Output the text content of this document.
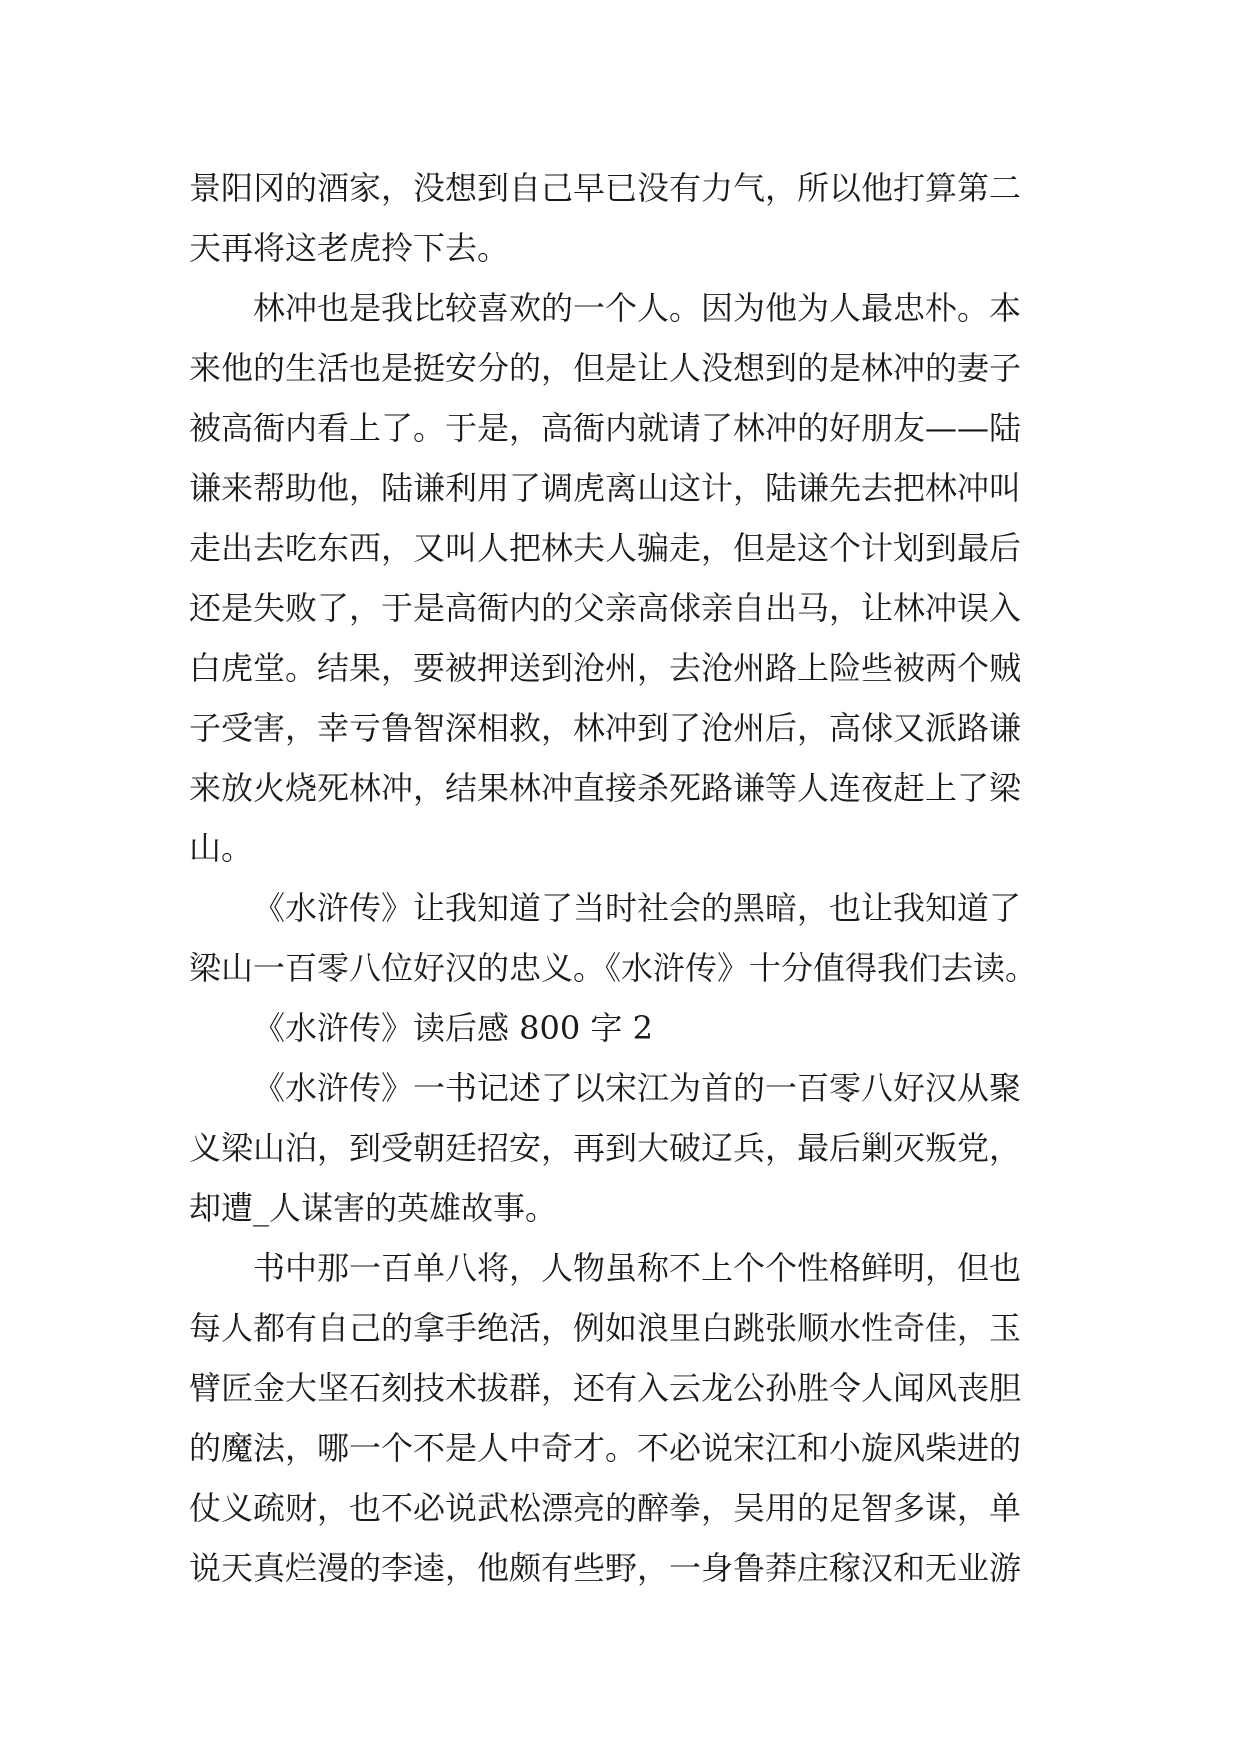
景阳冈的酒家，没想到自己早已没有力气，所以他打算第二
天再将这老虎拎下去。
林冲也是我比较喜欢的一个人。因为他为人最忠朴。本
来他的生活也是挺安分的，但是让人没想到的是林冲的妻子
被高衙内看上了。于是，高衙内就请了林冲的好朋友——陆
谦来帮助他，陆谦利用了调虎离山这计，陆谦先去把林冲叫
走出去吃东西，又叫人把林夫人骗走，但是这个计划到最后
还是失败了，于是高衙内的父亲高俅亲自出马，让林冲误入
白虎堂。结果，要被押送到沧州，去沧州路上险些被两个贼
子受害，幸亏鲁智深相救，林冲到了沧州后，高俅又派路谦
来放火烧死林冲，结果林冲直接杀死路谦等人连夜赶上了梁
山。
《水浒传》让我知道了当时社会的黑暗，也让我知道了
梁山一百零八位好汉的忠义。《水浒传》十分值得我们去读。
《水浒传》读后感 800 字 2
《水浒传》一书记述了以宋江为首的一百零八好汉从聚
义梁山泊，到受朝廷招安，再到大破辽兵，最后剿灭叛党，
却遭_人谋害的英雄故事。
书中那一百单八将，人物虽称不上个个性格鲜明，但也
每人都有自己的拿手绝活，例如浪里白跳张顺水性奇佳，玉
臂匠金大坚石刻技术拔群，还有入云龙公孙胜令人闻风丧胆
的魔法，哪一个不是人中奇才。不必说宋江和小旋风柴进的
仗义疏财，也不必说武松漂亮的醉拳，吴用的足智多谋，单
说天真烂漫的李逵，他颇有些野，一身鲁莽庄稼汉和无业游
